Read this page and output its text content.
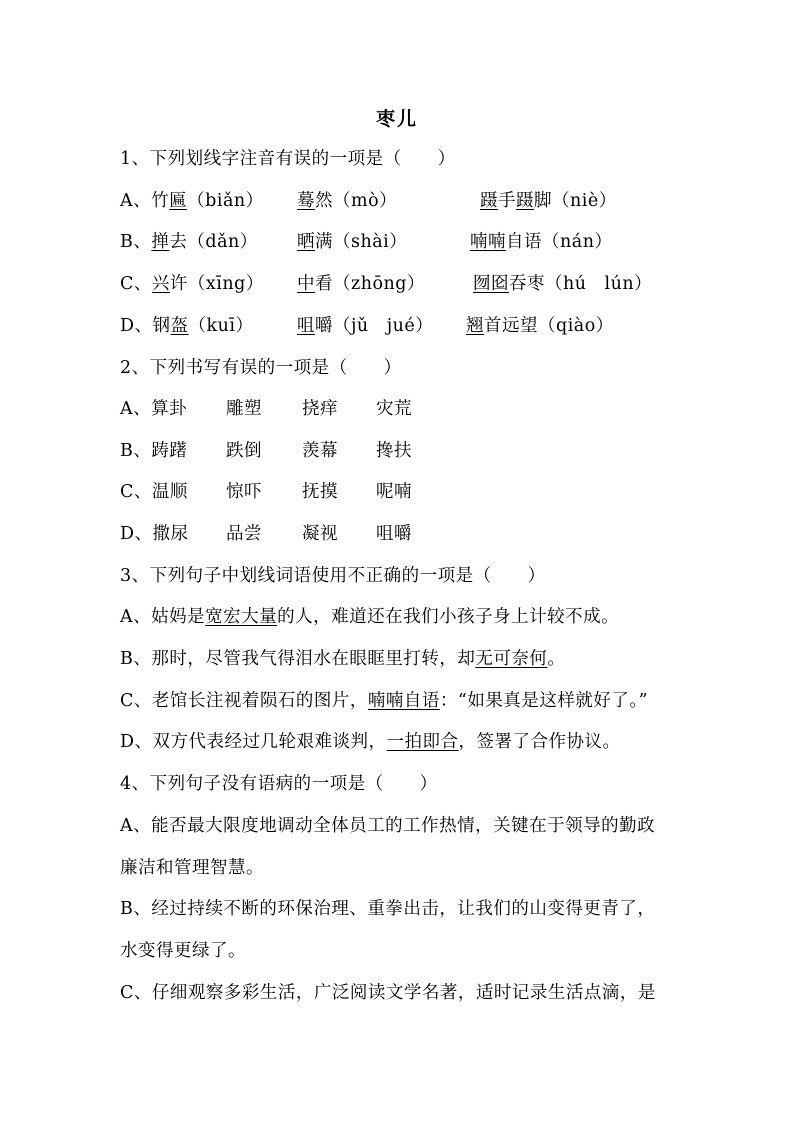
枣儿
1、下列划线字注音有误的一项是（　　）
A、竹匾（biǎn） 蓦然（mò）	蹑手蹑脚（niè）
B、掸去（dǎn） 晒满（shài）	喃喃自语（nán）
C、兴许（xīng） 中看（zhōng）	囫囵吞枣（hú　lún）
D、钢盔（kuī） 咀嚼（jǔ　jué） 翘首远望（qiào）
2、下列书写有误的一项是（　　）
A、算卦 雕塑 挠痒 灾荒
B、踌躇 跌倒 羡幕 搀扶
C、温顺 惊吓 抚摸 呢喃
D、撒尿 品尝 凝视 咀嚼
3、下列句子中划线词语使用不正确的一项是（　　）
A、姑妈是宽宏大量的人，难道还在我们小孩子身上计较不成。
B、那时，尽管我气得泪水在眼眶里打转，却无可奈何。
C、老馆长注视着陨石的图片，喃喃自语：“如果真是这样就好了。”
D、双方代表经过几轮艰难谈判，一拍即合，签署了合作协议。
4、下列句子没有语病的一项是（　　）
A、能否最大限度地调动全体员工的工作热情，关键在于领导的勤政
廉洁和管理智慧。
B、经过持续不断的环保治理、重拳出击，让我们的山变得更青了，
水变得更绿了。
C、仔细观察多彩生活，广泛阅读文学名著，适时记录生活点滴，是
